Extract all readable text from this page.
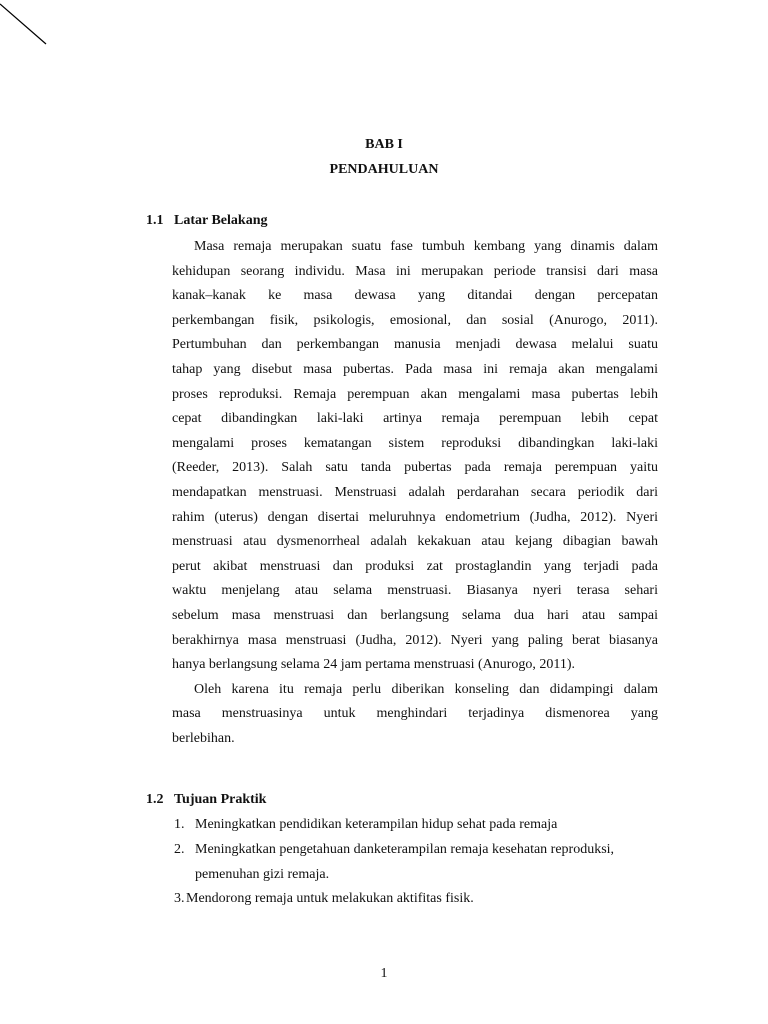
BAB I
PENDAHULUAN
1.1 Latar Belakang
Masa remaja merupakan suatu fase tumbuh kembang yang dinamis dalam
kehidupan seorang individu. Masa ini merupakan periode transisi dari masa
kanak–kanak ke masa dewasa yang ditandai dengan percepatan
perkembangan fisik, psikologis, emosional, dan sosial (Anurogo, 2011).
Pertumbuhan dan perkembangan manusia menjadi dewasa melalui suatu
tahap yang disebut masa pubertas. Pada masa ini remaja akan mengalami
proses reproduksi. Remaja perempuan akan mengalami masa pubertas lebih
cepat dibandingkan laki-laki artinya remaja perempuan lebih cepat
mengalami proses kematangan sistem reproduksi dibandingkan laki-laki
(Reeder, 2013). Salah satu tanda pubertas pada remaja perempuan yaitu
mendapatkan menstruasi. Menstruasi adalah perdarahan secara periodik dari
rahim (uterus) dengan disertai meluruhnya endometrium (Judha, 2012). Nyeri
menstruasi atau dysmenorrheal adalah kekakuan atau kejang dibagian bawah
perut akibat menstruasi dan produksi zat prostaglandin yang terjadi pada
waktu menjelang atau selama menstruasi. Biasanya nyeri terasa sehari
sebelum masa menstruasi dan berlangsung selama dua hari atau sampai
berakhirnya masa menstruasi (Judha, 2012). Nyeri yang paling berat biasanya
hanya berlangsung selama 24 jam pertama menstruasi (Anurogo, 2011).
Oleh karena itu remaja perlu diberikan konseling dan didampingi dalam
masa menstruasinya untuk menghindari terjadinya dismenorea yang
berlebihan.
1.2 Tujuan Praktik
1. Meningkatkan pendidikan keterampilan hidup sehat pada remaja
2. Meningkatkan pengetahuan danketerampilan remaja kesehatan reproduksi,
pemenuhan gizi remaja.
3. Mendorong remaja untuk melakukan aktifitas fisik.
1
